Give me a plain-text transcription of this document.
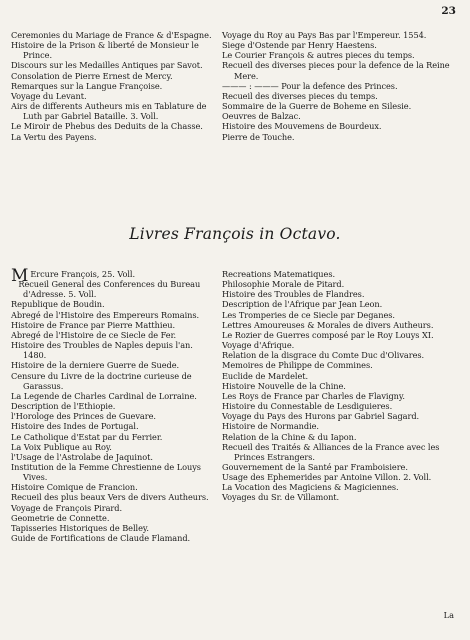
23

Ceremonies du Mariage de France & d'Espagne.

Histoire de la Prison & liberté de Monsieur le Prince.

Discours sur les Medailles Antiques par Savot.

Consolation de Pierre Ernest de Mercy.

Remarques sur la Langue Françoise.

Voyage du Levant.

Airs de differents Autheurs mis en Tablature de Luth par Gabriel Bataille. 3. Voll.

Le Miroir de Phebus des Deduits de la Chasse.

La Vertu des Payens.

Voyage du Roy au Pays Bas par l'Empereur. 1554.

Siege d'Ostende par Henry Haestens.

Le Courier François & autres pieces du temps.

Recueil des diverses pieces pour la defence de la Reine Mere.

——— : ——— Pour la defence des Princes.

Recueil des diverses pieces du temps.

Sommaire de la Guerre de Boheme en Silesie.

Oeuvres de Balzac.

Histoire des Mouvemens de Bourdeux.

Pierre de Touche.

Livres François in Octavo.

M Ercure François, 25. Voll.

Recueil General des Conferences du Bureau d'Adresse. 5. Voll.

Republique de Boudin.

Abregé de l'Histoire des Empereurs Romains.

Histoire de France par Pierre Matthieu.

Abregé de l'Histoire de ce Siecle de Fer.

Histoire des Troubles de Naples depuis l'an. 1480.

Histoire de la derniere Guerre de Suede.

Censure du Livre de la doctrine curieuse de Garassus.

La Legende de Charles Cardinal de Lorraine.

Description de l'Ethiopie.

l'Horologe des Princes de Guevare.

Histoire des Indes de Portugal.

Le Catholique d'Estat par du Ferrier.

La Voix Publique au Roy.

l'Usage de l'Astrolabe de Jaquinot.

Institution de la Femme Chrestienne de Louys Vives.

Histoire Comique de Francion.

Recueil des plus beaux Vers de divers Autheurs.

Voyage de François Pirard.

Geometrie de Connette.

Tapisseries Historiques de Belley.

Guide de Fortifications de Claude Flamand.

Recreations Matematiques.

Philosophie Morale de Pitard.

Histoire des Troubles de Flandres.

Description de l'Afrique par Jean Leon.

Les Tromperies de ce Siecle par Deganes.

Lettres Amoureuses & Morales de divers Autheurs.

Le Rozier de Guerres composé par le Roy Louys XI.

Voyage d'Afrique.

Relation de la disgrace du Comte Duc d'Olivares.

Memoires de Philippe de Commines.

Euclide de Mardelet.

Histoire Nouvelle de la Chine.

Les Roys de France par Charles de Flavigny.

Histoire du Connestable de Lesdiguieres.

Voyage du Pays des Hurons par Gabriel Sagard.

Histoire de Normandie.

Relation de la Chine & du Iapon.

Recueil des Traités & Alliances de la France avec les Princes Estrangers.

Gouvernement de la Santé par Framboisiere.

Usage des Ephemerides par Antoine Villon. 2. Voll.

La Vocation des Magiciens & Magiciennes.

Voyages du Sr. de Villamont.

La
